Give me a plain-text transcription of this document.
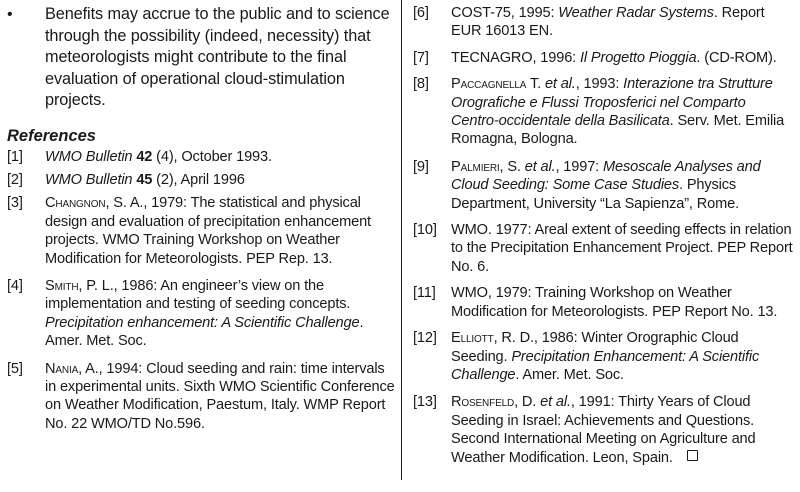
• Benefits may accrue to the public and to science through the possibility (indeed, necessity) that meteorologists might contribute to the final evaluation of operational cloud-stimulation projects.
References
[1] WMO Bulletin 42 (4), October 1993.
[2] WMO Bulletin 45 (2), April 1996
[3] Changnon, S. A., 1979: The statistical and physical design and evaluation of precipitation enhancement projects. WMO Training Workshop on Weather Modification for Meteorologists. PEP Rep. 13.
[4] Smith, P. L., 1986: An engineer’s view on the implementation and testing of seeding concepts. Precipitation enhancement: A Scientific Challenge. Amer. Met. Soc.
[5] Nania, A., 1994: Cloud seeding and rain: time intervals in experimental units. Sixth WMO Scientific Conference on Weather Modification, Paestum, Italy. WMP Report No. 22 WMO/TD No.596.
[6] COST-75, 1995: Weather Radar Systems. Report EUR 16013 EN.
[7] TECNAGRO, 1996: Il Progetto Pioggia. (CD-ROM).
[8] Paccagnella T. et al., 1993: Interazione tra Strutture Orografiche e Flussi Troposferici nel Comparto Centro-occidentale della Basilicata. Serv. Met. Emilia Romagna, Bologna.
[9] Palmieri, S. et al., 1997: Mesoscale Analyses and Cloud Seeding: Some Case Studies. Physics Department, University “La Sapienza”, Rome.
[10] WMO. 1977: Areal extent of seeding effects in relation to the Precipitation Enhancement Project. PEP Report No. 6.
[11] WMO, 1979: Training Workshop on Weather Modification for Meteorologists. PEP Report No. 13.
[12] Elliott, R. D., 1986: Winter Orographic Cloud Seeding. Precipitation Enhancement: A Scientific Challenge. Amer. Met. Soc.
[13] Rosenfeld, D. et al., 1991: Thirty Years of Cloud Seeding in Israel: Achievements and Questions. Second International Meeting on Agriculture and Weather Modification. Leon, Spain.
